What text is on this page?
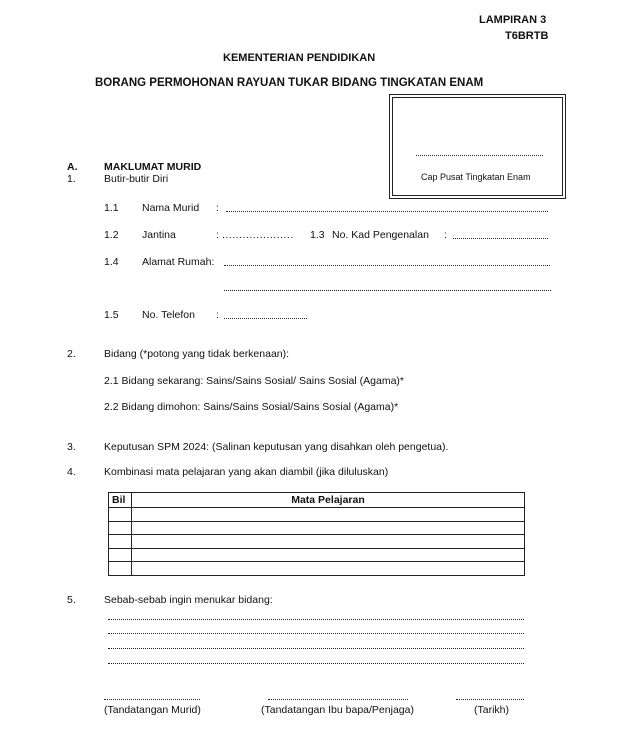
LAMPIRAN 3
T6BRTB
KEMENTERIAN PENDIDIKAN
BORANG PERMOHONAN RAYUAN TUKAR BIDANG TINGKATAN ENAM
Cap Pusat Tingkatan Enam
A.	MAKLUMAT MURID
1.	Butir-butir Diri
1.1 Nama Murid :
1.2 Jantina	: ..................... 1.3 No. Kad Pengenalan :
1.4 Alamat Rumah:
1.5 No. Telefon :
2.	Bidang (*potong yang tidak berkenaan):
2.1 Bidang sekarang: Sains/Sains Sosial/ Sains Sosial (Agama)*
2.2 Bidang dimohon: Sains/Sains Sosial/Sains Sosial (Agama)*
3.	Keputusan SPM 2024: (Salinan keputusan yang disahkan oleh pengetua).
4.	Kombinasi mata pelajaran yang akan diambil (jika diluluskan)
Bil	Mata Pelajaran

5.	Sebab-sebab ingin menukar bidang:
(Tandatangan Murid)	(Tandatangan Ibu bapa/Penjaga)	(Tarikh)
